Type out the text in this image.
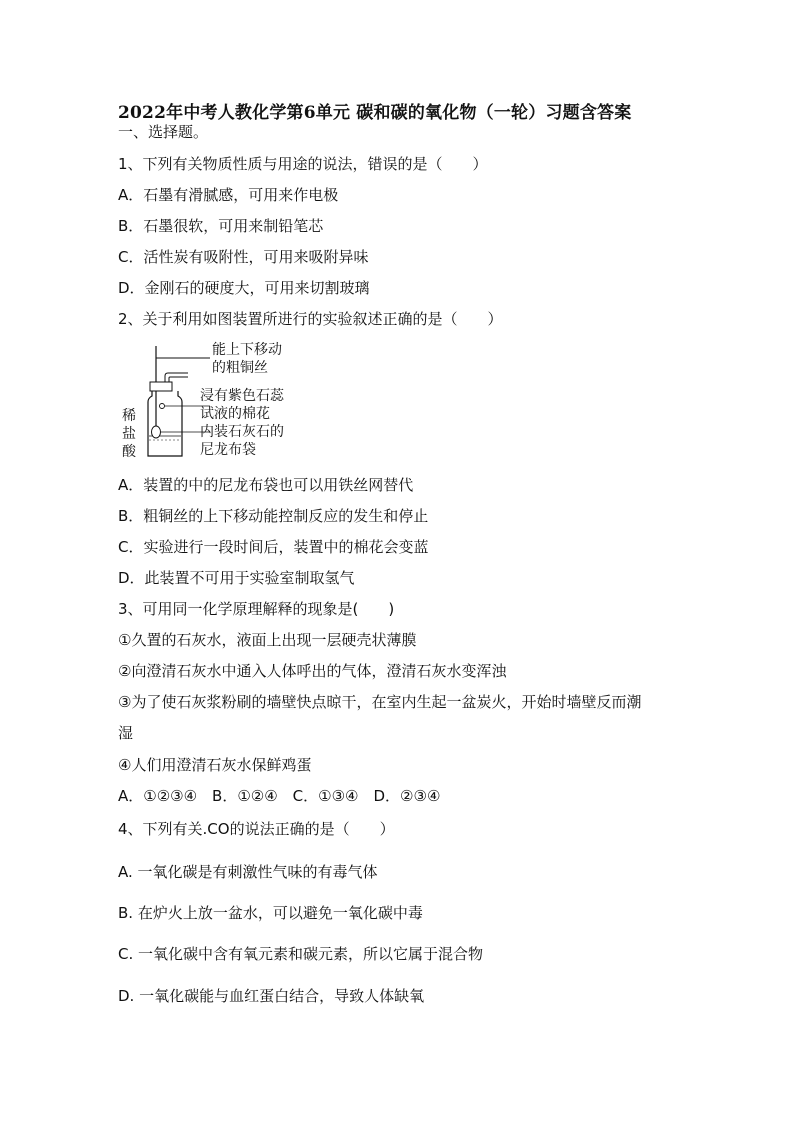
2022年中考人教化学第6单元 碳和碳的氧化物（一轮）习题含答案
一、选择题。
1、下列有关物质性质与用途的说法，错误的是（　　）
A．石墨有滑腻感，可用来作电极
B．石墨很软，可用来制铅笔芯
C．活性炭有吸附性，可用来吸附异味
D．金刚石的硬度大，可用来切割玻璃
2、关于利用如图装置所进行的实验叙述正确的是（　　）
能上下移动
的粗铜丝
浸有紫色石蕊
试液的棉花
内装石灰石的
尼龙布袋
稀
盐
酸
A．装置的中的尼龙布袋也可以用铁丝网替代
B．粗铜丝的上下移动能控制反应的发生和停止
C．实验进行一段时间后，装置中的棉花会变蓝
D．此装置不可用于实验室制取氢气
3、可用同一化学原理解释的现象是(　　)
①久置的石灰水，液面上出现一层硬壳状薄膜
②向澄清石灰水中通入人体呼出的气体，澄清石灰水变浑浊
③为了使石灰浆粉刷的墙壁快点晾干，在室内生起一盆炭火，开始时墙壁反而潮
湿
④人们用澄清石灰水保鲜鸡蛋
A．①②③④　B．①②④　C．①③④　D．②③④
4、下列有关.CO的说法正确的是（　　）
A. 一氧化碳是有刺激性气味的有毒气体
B. 在炉火上放一盆水，可以避免一氧化碳中毒
C. 一氧化碳中含有氧元素和碳元素，所以它属于混合物
D. 一氧化碳能与血红蛋白结合，导致人体缺氧
